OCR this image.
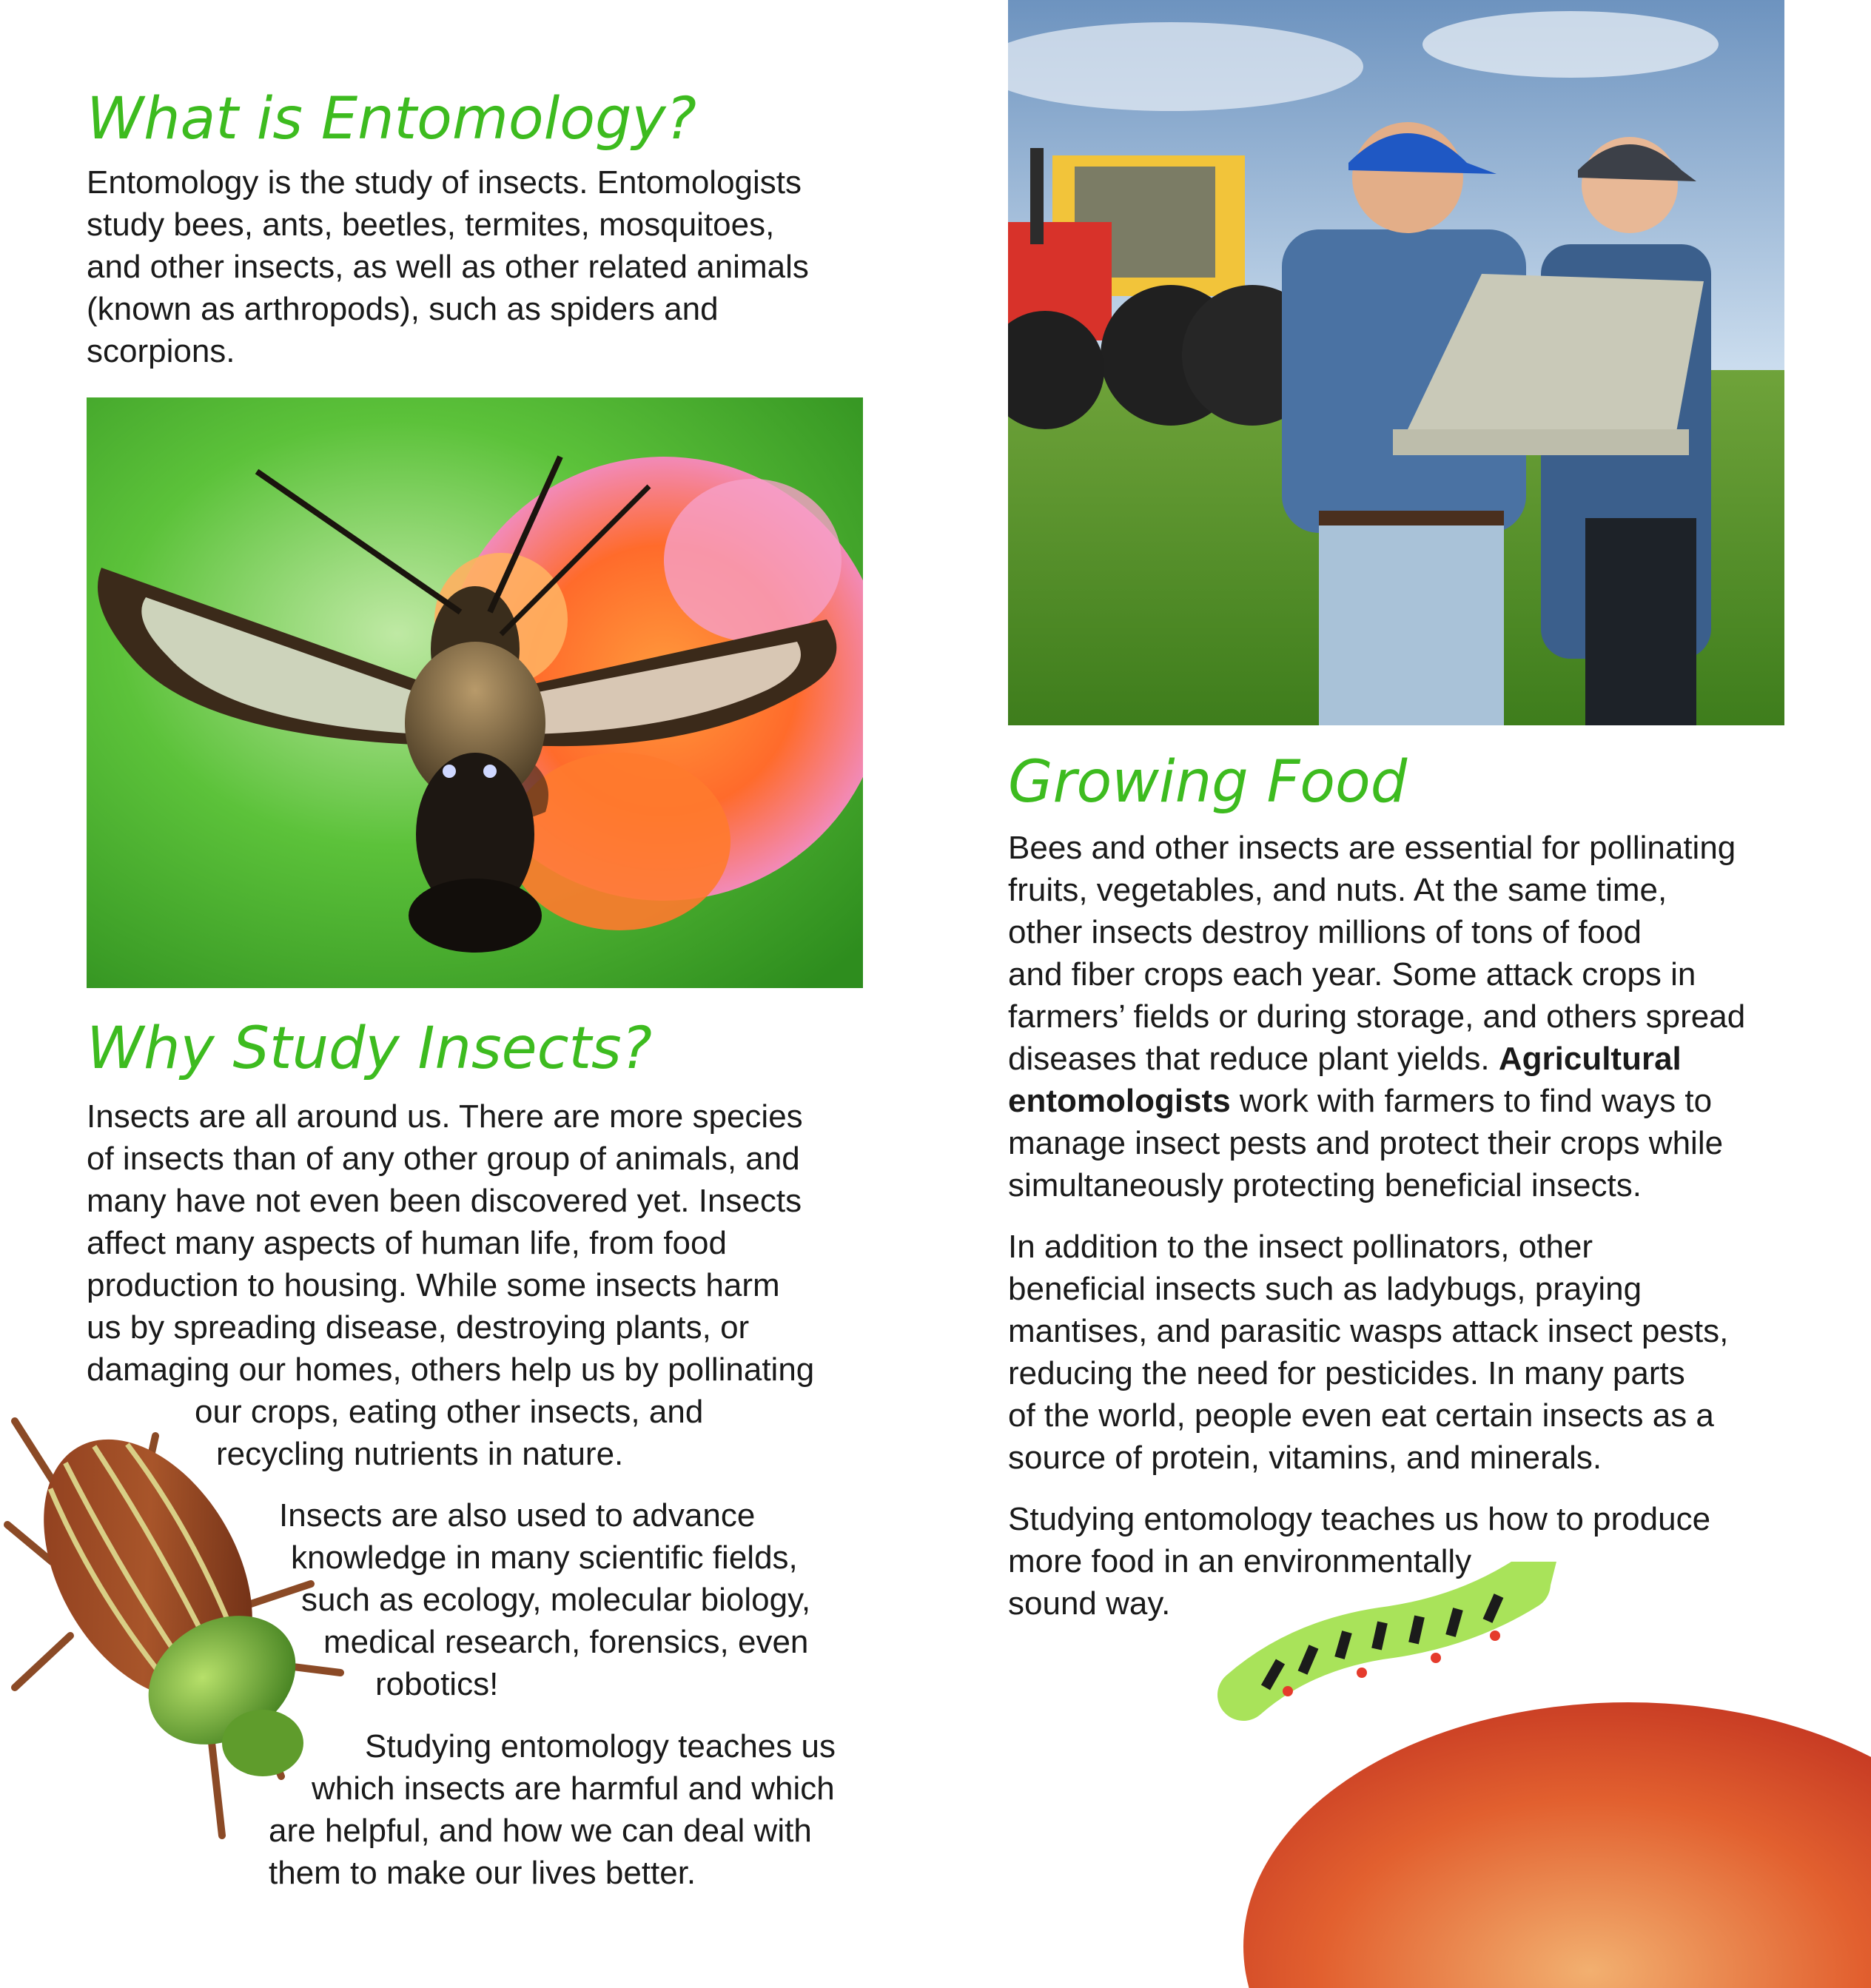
What is Entomology?

Entomology is the study of insects. Entomologists
study bees, ants, beetles, termites, mosquitoes,
and other insects, as well as other related animals
(known as arthropods), such as spiders and
scorpions.

Why Study Insects?

Insects are all around us. There are more species
of insects than of any other group of animals, and
many have not even been discovered yet. Insects
affect many aspects of human life, from food
production to housing. While some insects harm
us by spreading disease, destroying plants, or
damaging our homes, others help us by pollinating
our crops, eating other insects, and
recycling nutrients in nature.

Insects are also used to advance
knowledge in many scientific fields,
such as ecology, molecular biology,
medical research, forensics, even
robotics!

Studying entomology teaches us
which insects are harmful and which
are helpful, and how we can deal with
them to make our lives better.

Growing Food

Bees and other insects are essential for pollinating
fruits, vegetables, and nuts. At the same time,
other insects destroy millions of tons of food
and fiber crops each year. Some attack crops in
farmers’ fields or during storage, and others spread
diseases that reduce plant yields. Agricultural
entomologists work with farmers to find ways to
manage insect pests and protect their crops while
simultaneously protecting beneficial insects.

In addition to the insect pollinators, other
beneficial insects such as ladybugs, praying
mantises, and parasitic wasps attack insect pests,
reducing the need for pesticides. In many parts
of the world, people even eat certain insects as a
source of protein, vitamins, and minerals.

Studying entomology teaches us how to produce
more food in an environmentally
sound way.
